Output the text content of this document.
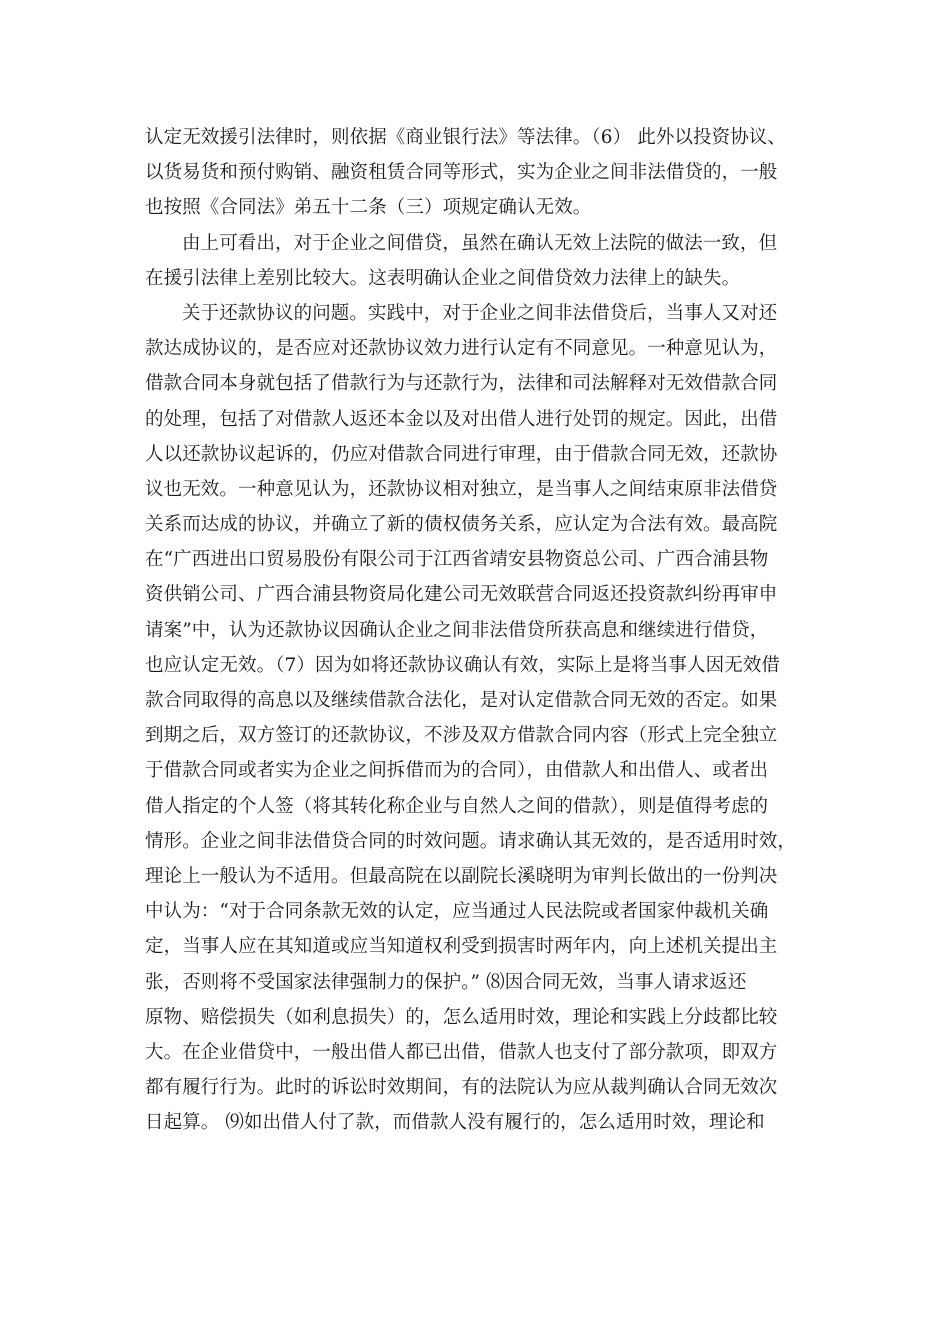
认定无效援引法律时，则依据《商业银行法》等法律。（6） 此外以投资协议、
以货易货和预付购销、融资租赁合同等形式，实为企业之间非法借贷的，一般
也按照《合同法》弟五十二条（三）项规定确认无效。
由上可看出，对于企业之间借贷，虽然在确认无效上法院的做法一致，但
在援引法律上差别比较大。这表明确认企业之间借贷效力法律上的缺失。
关于还款协议的问题。实践中，对于企业之间非法借贷后，当事人又对还
款达成协议的，是否应对还款协议效力进行认定有不同意见。一种意见认为，
借款合同本身就包括了借款行为与还款行为，法律和司法解释对无效借款合同
的处理，包括了对借款人返还本金以及对出借人进行处罚的规定。因此，出借
人以还款协议起诉的，仍应对借款合同进行审理，由于借款合同无效，还款协
议也无效。一种意见认为，还款协议相对独立，是当事人之间结束原非法借贷
关系而达成的协议，并确立了新的债权债务关系，应认定为合法有效。最高院
在“广西进出口贸易股份有限公司于江西省靖安县物资总公司、广西合浦县物
资供销公司、广西合浦县物资局化建公司无效联营合同返还投资款纠纷再审申
请案”中，认为还款协议因确认企业之间非法借贷所获高息和继续进行借贷，
也应认定无效。（7）因为如将还款协议确认有效，实际上是将当事人因无效借
款合同取得的高息以及继续借款合法化，是对认定借款合同无效的否定。如果
到期之后，双方签订的还款协议，不涉及双方借款合同内容（形式上完全独立
于借款合同或者实为企业之间拆借而为的合同），由借款人和出借人、或者出
借人指定的个人签（将其转化称企业与自然人之间的借款），则是值得考虑的
情形。企业之间非法借贷合同的时效问题。请求确认其无效的，是否适用时效，
理论上一般认为不适用。但最高院在以副院长溪晓明为审判长做出的一份判决
中认为：“对于合同条款无效的认定，应当通过人民法院或者国家仲裁机关确
定，当事人应在其知道或应当知道权利受到损害时两年内，向上述机关提出主
张，否则将不受国家法律强制力的保护。” ⑻因合同无效，当事人请求返还
原物、赔偿损失（如利息损失）的，怎么适用时效，理论和实践上分歧都比较
大。在企业借贷中，一般出借人都已出借，借款人也支付了部分款项，即双方
都有履行行为。此时的诉讼时效期间，有的法院认为应从裁判确认合同无效次
日起算。 ⑼如出借人付了款，而借款人没有履行的，怎么适用时效，理论和
